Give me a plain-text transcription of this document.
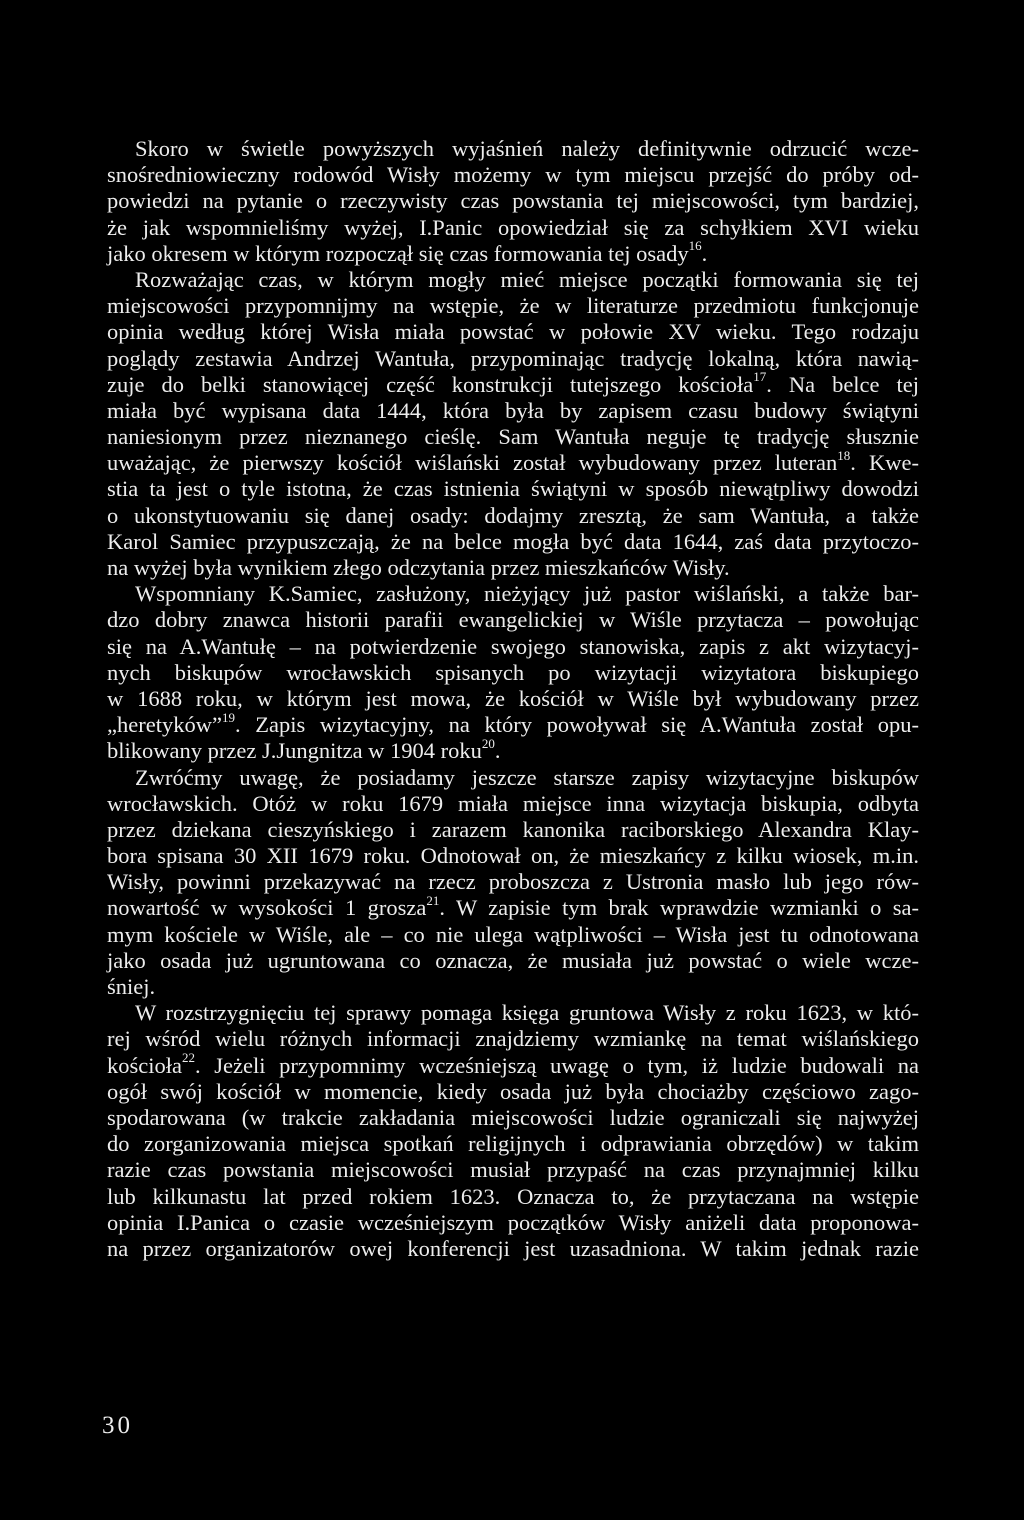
Skoro w świetle powyższych wyjaśnień należy definitywnie odrzucić wcze-
snośredniowieczny rodowód Wisły możemy w tym miejscu przejść do próby od-
powiedzi na pytanie o rzeczywisty czas powstania tej miejscowości, tym bardziej,
że jak wspomnieliśmy wyżej, I.Panic opowiedział się za schyłkiem XVI wieku
jako okresem w którym rozpoczął się czas formowania tej osady$^{16}$.
Rozważając czas, w którym mogły mieć miejsce początki formowania się tej
miejscowości przypomnijmy na wstępie, że w literaturze przedmiotu funkcjonuje
opinia według której Wisła miała powstać w połowie XV wieku. Tego rodzaju
poglądy zestawia Andrzej Wantuła, przypominając tradycję lokalną, która nawią-
zuje do belki stanowiącej część konstrukcji tutejszego kościoła$^{17}$. Na belce tej
miała być wypisana data 1444, która była by zapisem czasu budowy świątyni
naniesionym przez nieznanego cieślę. Sam Wantuła neguje tę tradycję słusznie
uważając, że pierwszy kościół wiślański został wybudowany przez luteran$^{18}$. Kwe-
stia ta jest o tyle istotna, że czas istnienia świątyni w sposób niewątpliwy dowodzi
o ukonstytuowaniu się danej osady: dodajmy zresztą, że sam Wantuła, a także
Karol Samiec przypuszczają, że na belce mogła być data 1644, zaś data przytoczo-
na wyżej była wynikiem złego odczytania przez mieszkańców Wisły.
Wspomniany K.Samiec, zasłużony, nieżyjący już pastor wiślański, a także bar-
dzo dobry znawca historii parafii ewangelickiej w Wiśle przytacza – powołując
się na A.Wantułę – na potwierdzenie swojego stanowiska, zapis z akt wizytacyj-
nych biskupów wrocławskich spisanych po wizytacji wizytatora biskupiego
w 1688 roku, w którym jest mowa, że kościół w Wiśle był wybudowany przez
„heretyków”$^{19}$. Zapis wizytacyjny, na który powoływał się A.Wantuła został opu-
blikowany przez J.Jungnitza w 1904 roku$^{20}$.
Zwróćmy uwagę, że posiadamy jeszcze starsze zapisy wizytacyjne biskupów
wrocławskich. Otóż w roku 1679 miała miejsce inna wizytacja biskupia, odbyta
przez dziekana cieszyńskiego i zarazem kanonika raciborskiego Alexandra Klay-
bora spisana 30 XII 1679 roku. Odnotował on, że mieszkańcy z kilku wiosek, m.in.
Wisły, powinni przekazywać na rzecz proboszcza z Ustronia masło lub jego rów-
nowartość w wysokości 1 grosza$^{21}$. W zapisie tym brak wprawdzie wzmianki o sa-
mym kościele w Wiśle, ale – co nie ulega wątpliwości – Wisła jest tu odnotowana
jako osada już ugruntowana co oznacza, że musiała już powstać o wiele wcze-
śniej.
W rozstrzygnięciu tej sprawy pomaga księga gruntowa Wisły z roku 1623, w któ-
rej wśród wielu różnych informacji znajdziemy wzmiankę na temat wiślańskiego
kościoła$^{22}$. Jeżeli przypomnimy wcześniejszą uwagę o tym, iż ludzie budowali na
ogół swój kościół w momencie, kiedy osada już była chociażby częściowo zago-
spodarowana (w trakcie zakładania miejscowości ludzie ograniczali się najwyżej
do zorganizowania miejsca spotkań religijnych i odprawiania obrzędów) w takim
razie czas powstania miejscowości musiał przypaść na czas przynajmniej kilku
lub kilkunastu lat przed rokiem 1623. Oznacza to, że przytaczana na wstępie
opinia I.Panica o czasie wcześniejszym początków Wisły aniżeli data proponowa-
na przez organizatorów owej konferencji jest uzasadniona. W takim jednak razie
30
